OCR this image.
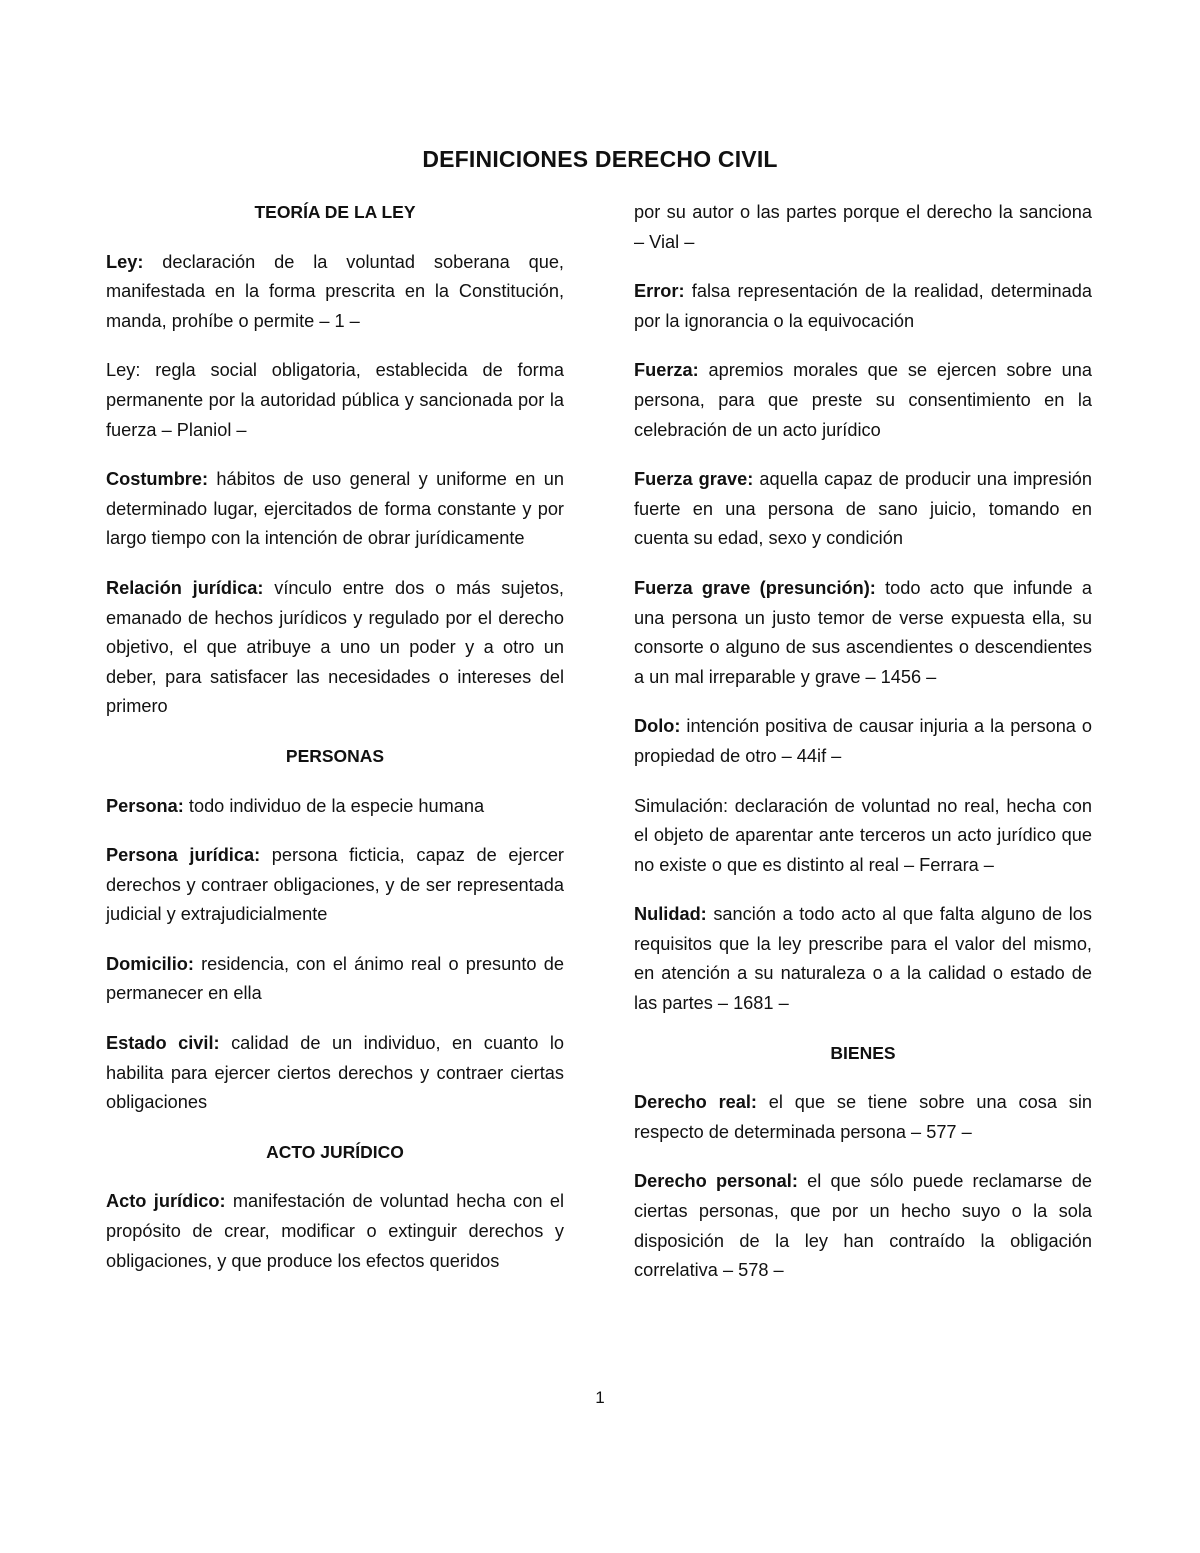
DEFINICIONES DERECHO CIVIL
TEORÍA DE LA LEY

Ley: declaración de la voluntad soberana que, manifestada en la forma prescrita en la Constitución, manda, prohíbe o permite – 1 –

Ley: regla social obligatoria, establecida de forma permanente por la autoridad pública y sancionada por la fuerza – Planiol –

Costumbre: hábitos de uso general y uniforme en un determinado lugar, ejercitados de forma constante y por largo tiempo con la intención de obrar jurídicamente

Relación jurídica: vínculo entre dos o más sujetos, emanado de hechos jurídicos y regulado por el derecho objetivo, el que atribuye a uno un poder y a otro un deber, para satisfacer las necesidades o intereses del primero

PERSONAS

Persona: todo individuo de la especie humana

Persona jurídica: persona ficticia, capaz de ejercer derechos y contraer obligaciones, y de ser representada judicial y extrajudicialmente

Domicilio: residencia, con el ánimo real o presunto de permanecer en ella

Estado civil: calidad de un individuo, en cuanto lo habilita para ejercer ciertos derechos y contraer ciertas obligaciones

ACTO JURÍDICO

Acto jurídico: manifestación de voluntad hecha con el propósito de crear, modificar o extinguir derechos y obligaciones, y que produce los efectos queridos

por su autor o las partes porque el derecho la sanciona – Vial –

Error: falsa representación de la realidad, determinada por la ignorancia o la equivocación

Fuerza: apremios morales que se ejercen sobre una persona, para que preste su consentimiento en la celebración de un acto jurídico

Fuerza grave: aquella capaz de producir una impresión fuerte en una persona de sano juicio, tomando en cuenta su edad, sexo y condición

Fuerza grave (presunción): todo acto que infunde a una persona un justo temor de verse expuesta ella, su consorte o alguno de sus ascendientes o descendientes a un mal irreparable y grave – 1456 –

Dolo: intención positiva de causar injuria a la persona o propiedad de otro – 44if –

Simulación: declaración de voluntad no real, hecha con el objeto de aparentar ante terceros un acto jurídico que no existe o que es distinto al real – Ferrara –

Nulidad: sanción a todo acto al que falta alguno de los requisitos que la ley prescribe para el valor del mismo, en atención a su naturaleza o a la calidad o estado de las partes – 1681 –

BIENES

Derecho real: el que se tiene sobre una cosa sin respecto de determinada persona – 577 –

Derecho personal: el que sólo puede reclamarse de ciertas personas, que por un hecho suyo o la sola disposición de la ley han contraído la obligación correlativa – 578 –

1
